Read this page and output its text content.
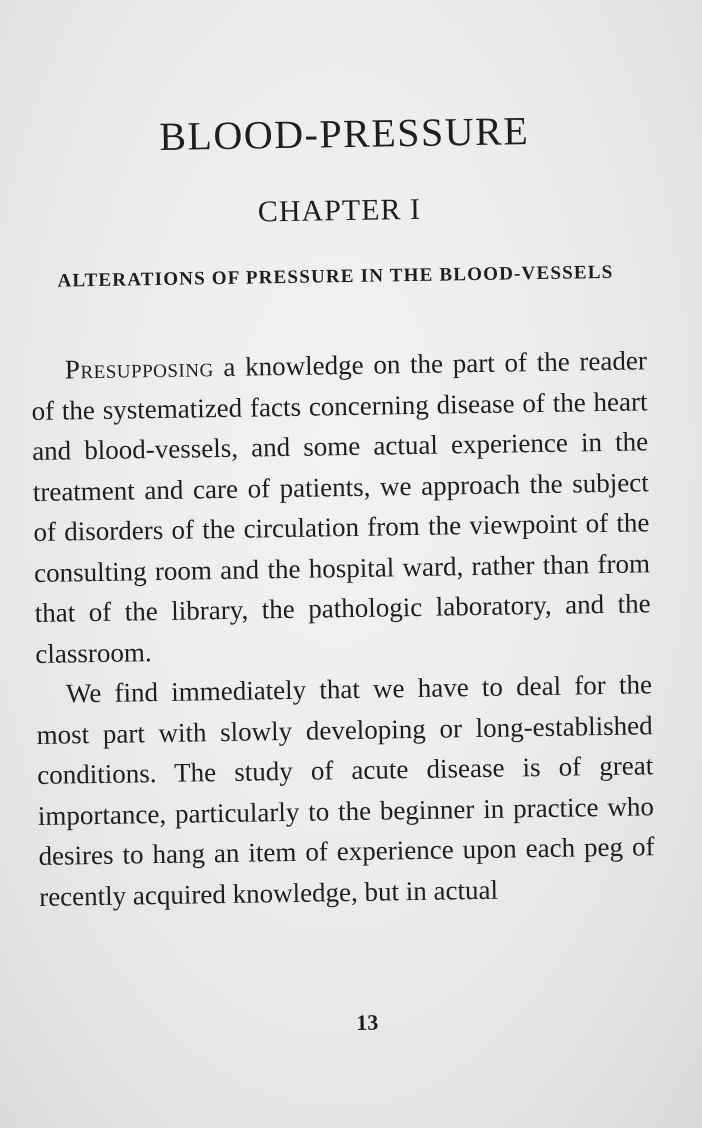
BLOOD-PRESSURE
CHAPTER I
ALTERATIONS OF PRESSURE IN THE BLOOD-VESSELS

Presupposing a knowledge on the part of the reader of the systematized facts concerning disease of the heart and blood-vessels, and some actual experience in the treatment and care of patients, we approach the subject of disorders of the circulation from the viewpoint of the consulting room and the hospital ward, rather than from that of the library, the pathologic laboratory, and the classroom.

We find immediately that we have to deal for the most part with slowly developing or long-established conditions. The study of acute disease is of great importance, particularly to the beginner in practice who desires to hang an item of experience upon each peg of recently acquired knowledge, but in actual

13
